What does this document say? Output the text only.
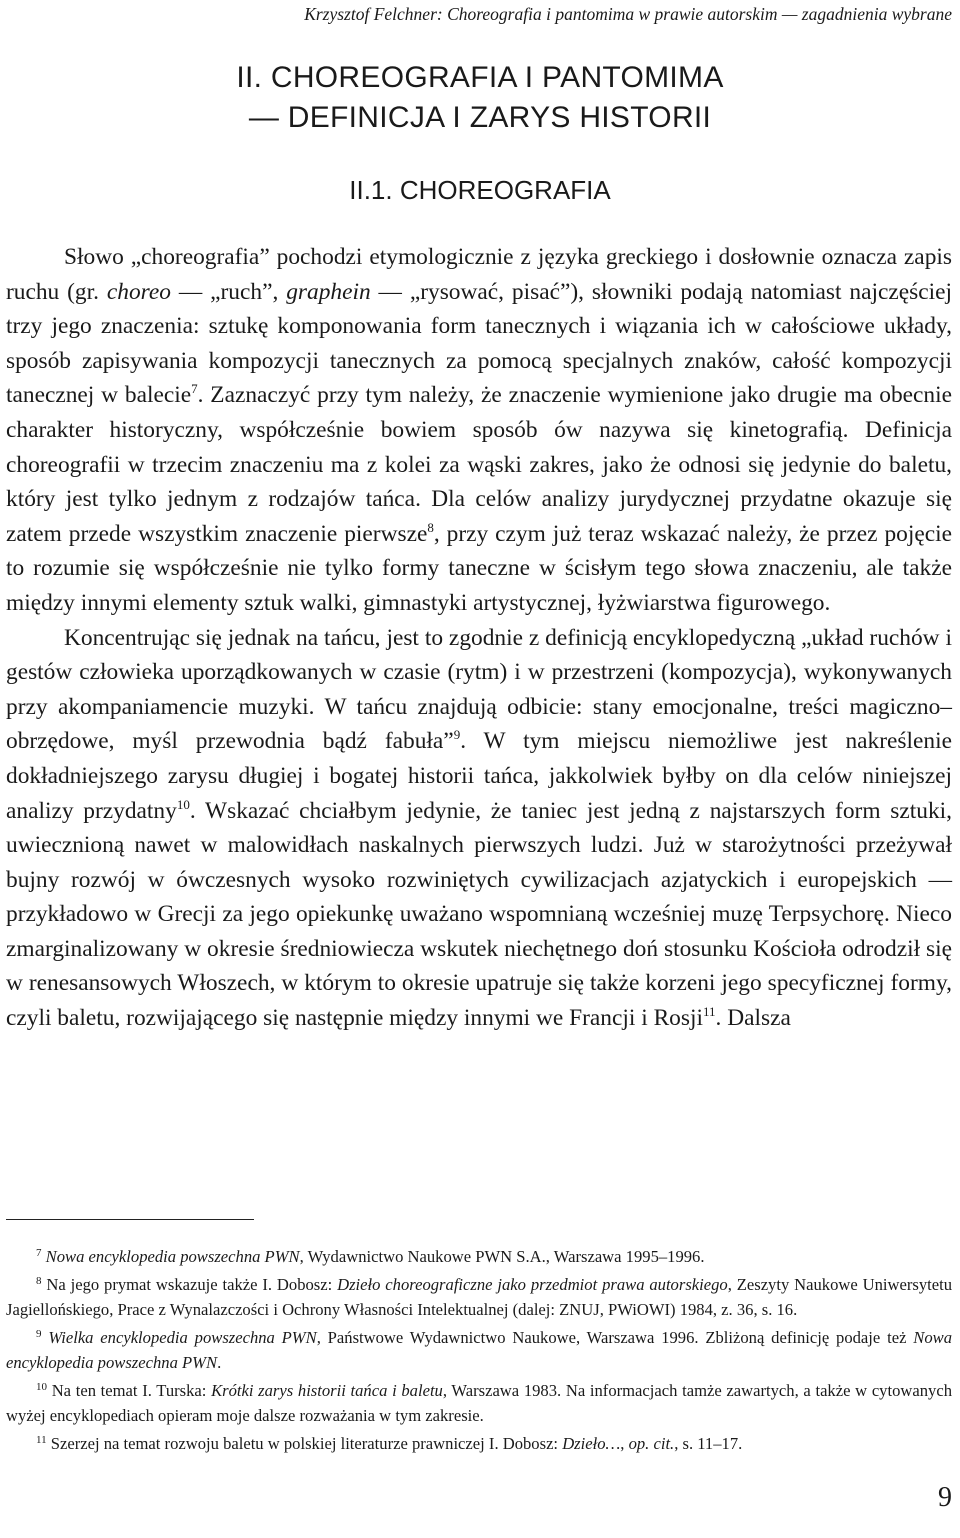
Krzysztof Felchner: Choreografia i pantomima w prawie autorskim — zagadnienia wybrane
II. CHOREOGRAFIA I PANTOMIMA
— DEFINICJA I ZARYS HISTORII
II.1. CHOREOGRAFIA

Słowo „choreografia” pochodzi etymologicznie z języka greckiego i dosłownie oznacza zapis ruchu (gr. choreo — „ruch”, graphein — „rysować, pisać”), słowniki podają natomiast najczęściej trzy jego znaczenia: sztukę komponowania form tanecznych i wiązania ich w całościowe układy, sposób zapisywania kompozycji tanecznych za pomocą specjalnych znaków, całość kompozycji tanecznej w balecie$^7$. Zaznaczyć przy tym należy, że znaczenie wymienione jako drugie ma obecnie charakter historyczny, współcześnie bowiem sposób ów nazywa się kinetografią. Definicja choreografii w trzecim znaczeniu ma z kolei za wąski zakres, jako że odnosi się jedynie do baletu, który jest tylko jednym z rodzajów tańca. Dla celów analizy jurydycznej przydatne okazuje się zatem przede wszystkim znaczenie pierwsze$^8$, przy czym już teraz wskazać należy, że przez pojęcie to rozumie się współcześnie nie tylko formy taneczne w ścisłym tego słowa znaczeniu, ale także między innymi elementy sztuk walki, gimnastyki artystycznej, łyżwiarstwa figurowego.

Koncentrując się jednak na tańcu, jest to zgodnie z definicją encyklopedyczną „układ ruchów i gestów człowieka uporządkowanych w czasie (rytm) i w przestrzeni (kompozycja), wykonywanych przy akompaniamencie muzyki. W tańcu znajdują odbicie: stany emocjonalne, treści magiczno–obrzędowe, myśl przewodnia bądź fabuła”$^9$. W tym miejscu niemożliwe jest nakreślenie dokładniejszego zarysu długiej i bogatej historii tańca, jakkolwiek byłby on dla celów niniejszej analizy przydatny$^{10}$. Wskazać chciałbym jedynie, że taniec jest jedną z najstarszych form sztuki, uwiecznioną nawet w malowidłach naskalnych pierwszych ludzi. Już w starożytności przeżywał bujny rozwój w ówczesnych wysoko rozwiniętych cywilizacjach azjatyckich i europejskich — przykładowo w Grecji za jego opiekunkę uważano wspomnianą wcześniej muzę Terpsychorę. Nieco zmarginalizowany w okresie średniowiecza wskutek niechętnego doń stosunku Kościoła odrodził się w renesansowych Włoszech, w którym to okresie upatruje się także korzeni jego specyficznej formy, czyli baletu, rozwijającego się następnie między innymi we Francji i Rosji$^{11}$. Dalsza

$^7$ Nowa encyklopedia powszechna PWN, Wydawnictwo Naukowe PWN S.A., Warszawa 1995–1996.

$^8$ Na jego prymat wskazuje także I. Dobosz: Dzieło choreograficzne jako przedmiot prawa autorskiego, Zeszyty Naukowe Uniwersytetu Jagiellońskiego, Prace z Wynalazczości i Ochrony Własności Intelektualnej (dalej: ZNUJ, PWiOWI) 1984, z. 36, s. 16.

$^9$ Wielka encyklopedia powszechna PWN, Państwowe Wydawnictwo Naukowe, Warszawa 1996. Zbliżoną definicję podaje też Nowa encyklopedia powszechna PWN.

$^{10}$ Na ten temat I. Turska: Krótki zarys historii tańca i baletu, Warszawa 1983. Na informacjach tamże zawartych, a także w cytowanych wyżej encyklopediach opieram moje dalsze rozważania w tym zakresie.

$^{11}$ Szerzej na temat rozwoju baletu w polskiej literaturze prawniczej I. Dobosz: Dzieło…, op. cit., s. 11–17.

9
